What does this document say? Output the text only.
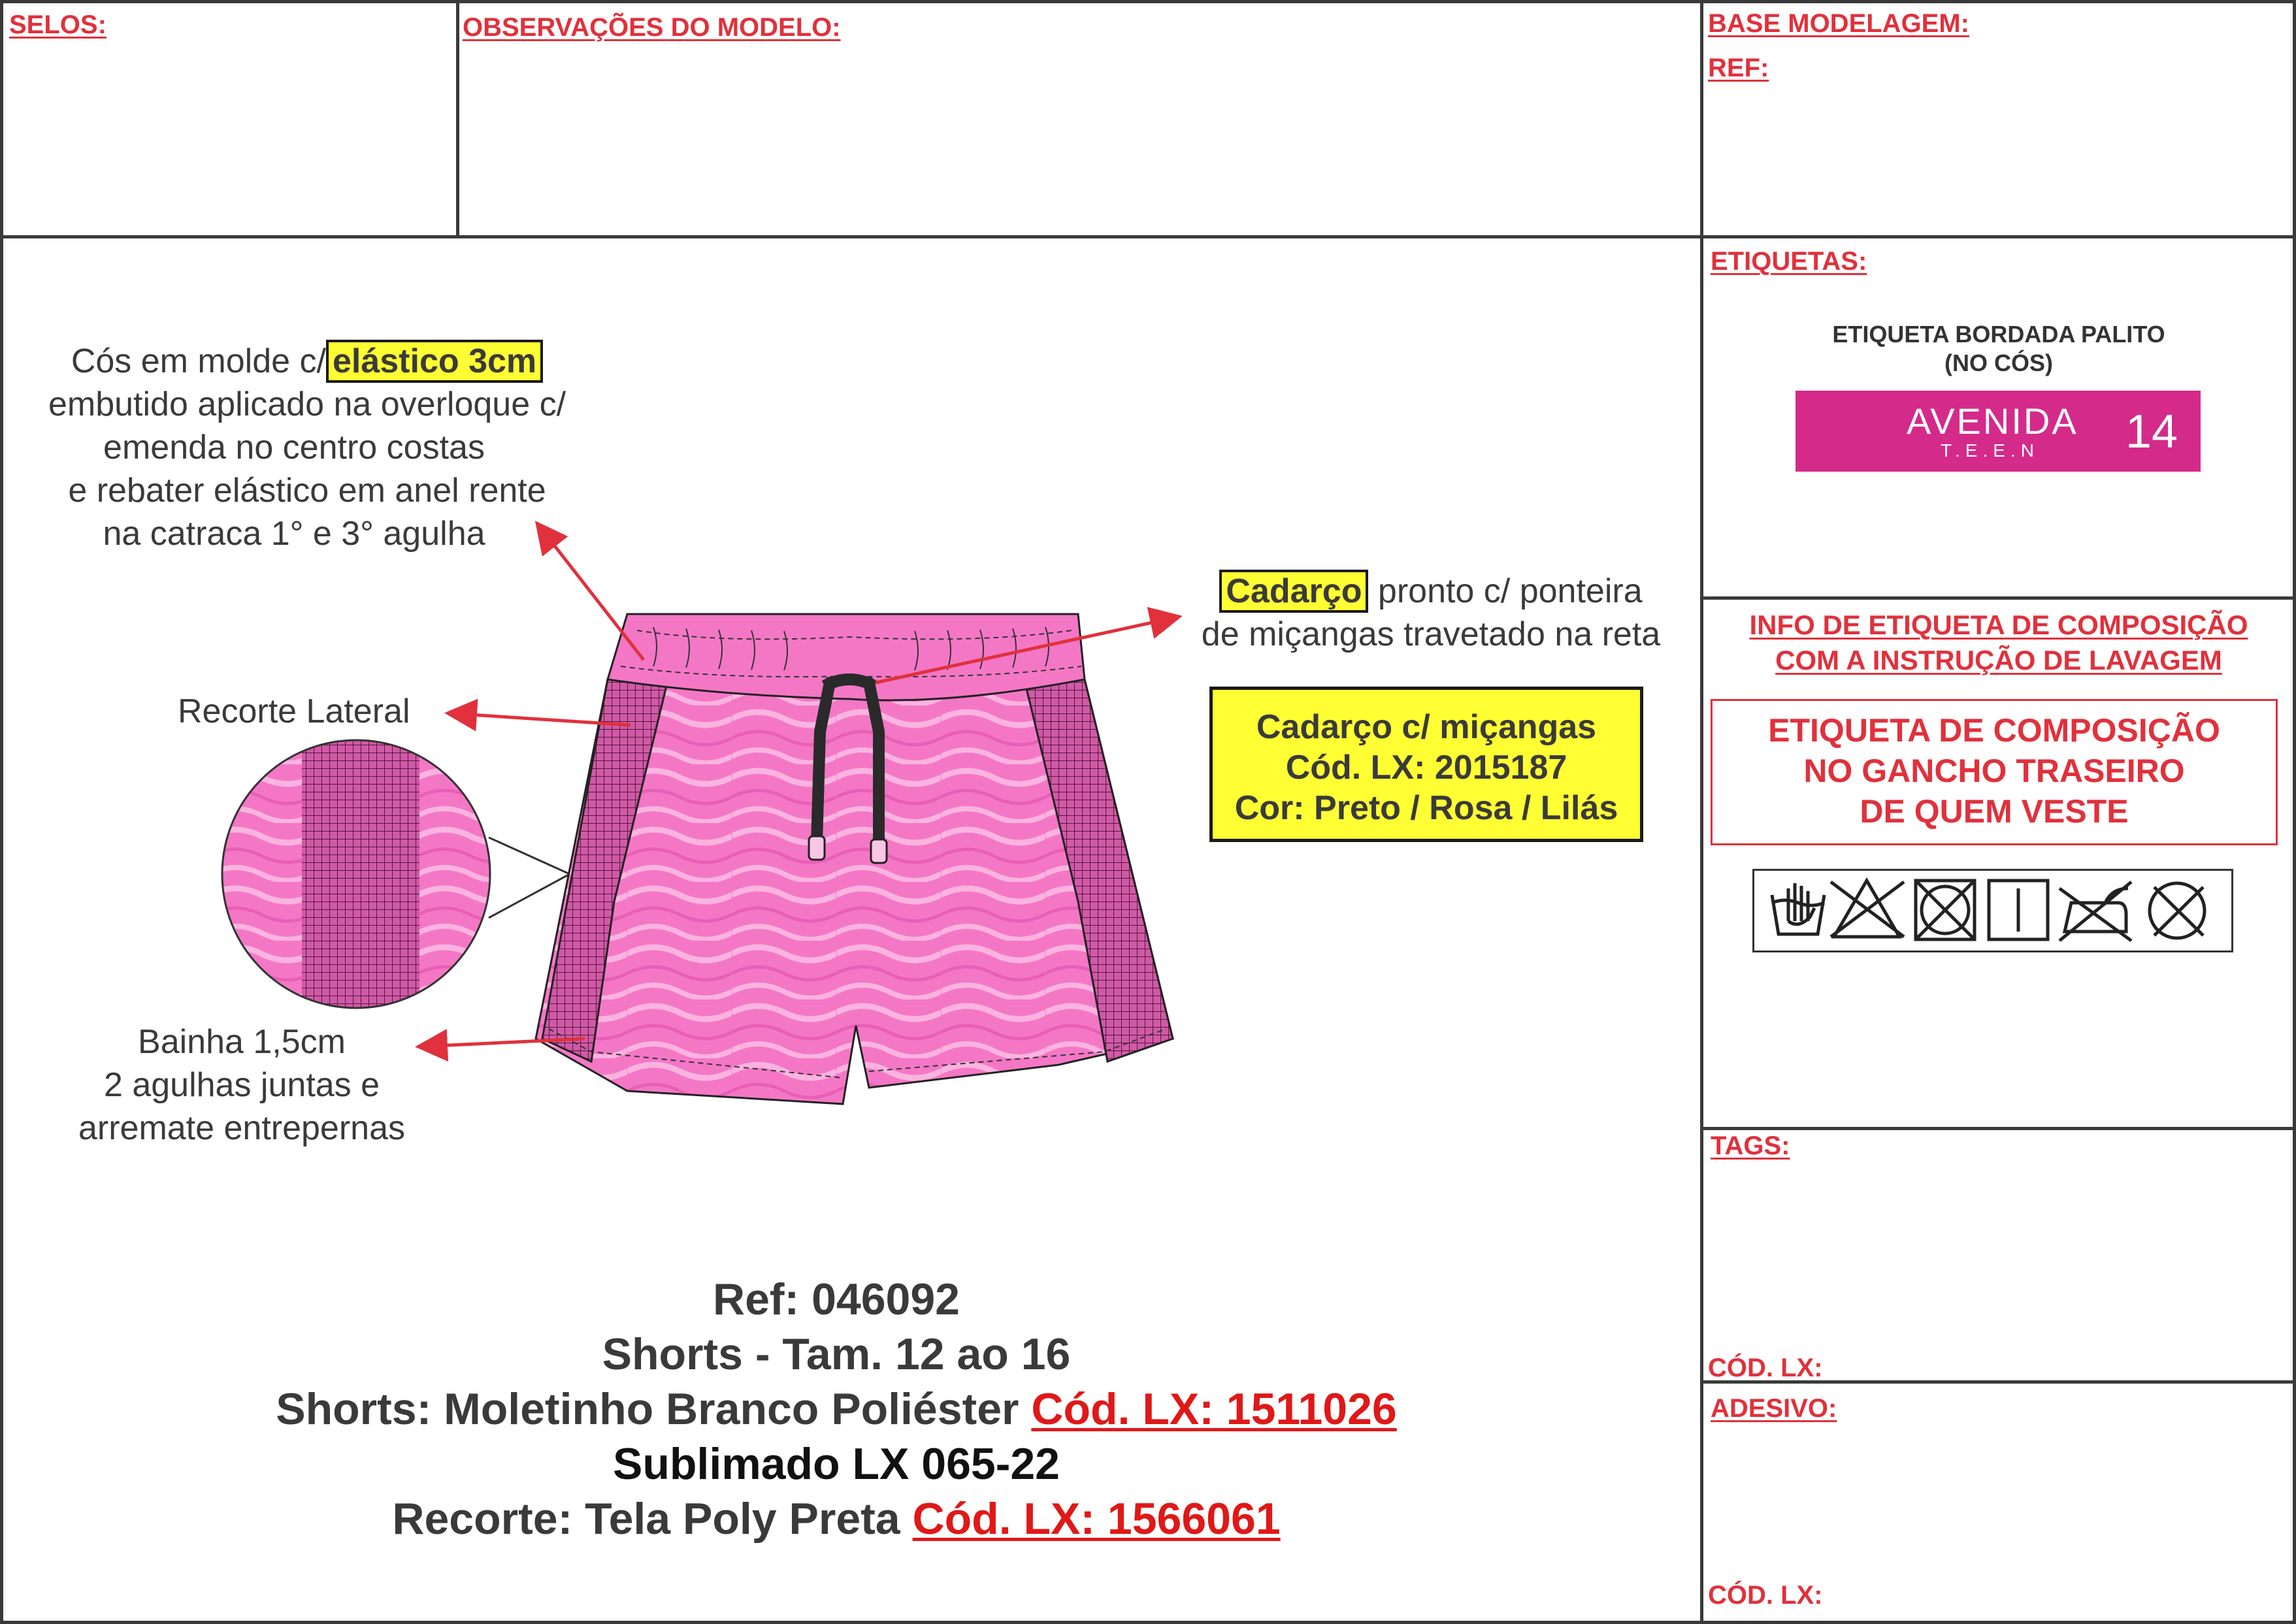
SELOS:	OBSERVAÇÕES DO MODELO:	BASE MODELAGEM:
REF:
Cós em molde c/ elástico 3cm
embutido aplicado na overloque c/
emenda no centro costas
e rebater elástico em anel rente
na catraca 1° e 3° agulha
Recorte Lateral
Bainha 1,5cm
2 agulhas juntas e
arremate entrepernas
Cadarço pronto c/ ponteira
de miçangas travetado na reta
Cadarço c/ miçangas
Cód. LX: 2015187
Cor: Preto / Rosa / Lilás
Ref: 046092
Shorts - Tam. 12 ao 16
Shorts: Moletinho Branco Poliéster Cód. LX: 1511026
Sublimado LX 065-22
Recorte: Tela Poly Preta Cód. LX: 1566061
ETIQUETAS:
ETIQUETA BORDADA PALITO
(NO CÓS)
AVENIDA
T.E.E.N 14
INFO DE ETIQUETA DE COMPOSIÇÃO
COM A INSTRUÇÃO DE LAVAGEM
ETIQUETA DE COMPOSIÇÃO
NO GANCHO TRASEIRO
DE QUEM VESTE
TAGS:
CÓD. LX:
ADESIVO:
CÓD. LX:
